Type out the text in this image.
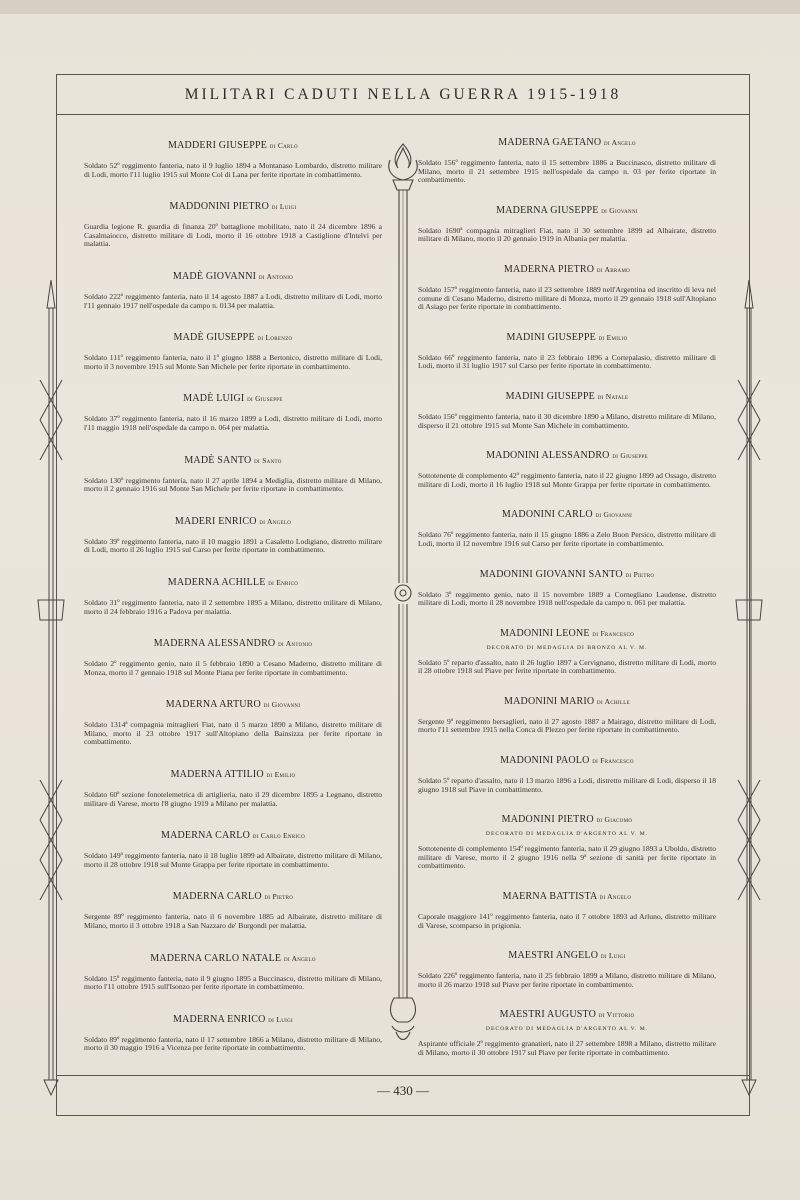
MILITARI CADUTI NELLA GUERRA 1915-1918
— 430 —
MADDERI GIUSEPPE di Carlo
Soldato 52º reggimento fanteria, nato il 9 luglio 1894 a Montanaso Lombardo, distretto militare di Lodi, morto l'11 luglio 1915 sul Monte Col di Lana per ferite riportate in combattimento.
MADDONINI PIETRO di Luigi
Guardia legione R. guardia di finanza 20º battaglione mobilitato, nato il 24 dicembre 1896 a Casalmaiocco, distretto militare di Lodi, morto il 16 ottobre 1918 a Castiglione d'Intelvi per malattia.
MADÈ GIOVANNI di Antonio
Soldato 222º reggimento fanteria, nato il 14 agosto 1887 a Lodi, distretto militare di Lodi, morto l'11 gennaio 1917 nell'ospedale da campo n. 0134 per malattia.
MADÈ GIUSEPPE di Lorenzo
Soldato 111º reggimento fanteria, nato il 1º giugno 1888 a Bertonico, distretto militare di Lodi, morto il 3 novembre 1915 sul Monte San Michele per ferite riportate in combattimento.
MADÈ LUIGI di Giuseppe
Soldato 37º reggimento fanteria, nato il 16 marzo 1899 a Lodi, distretto militare di Lodi, morto l'11 maggio 1918 nell'ospedale da campo n. 064 per malattia.
MADÈ SANTO di Santo
Soldato 130º reggimento fanteria, nato il 27 aprile 1894 a Mediglia, distretto militare di Milano, morto il 2 gennaio 1916 sul Monte San Michele per ferite riportate in combattimento.
MADERI ENRICO di Angelo
Soldato 39º reggimento fanteria, nato il 10 maggio 1891 a Casaletto Lodigiano, distretto militare di Lodi, morto il 26 luglio 1915 sul Carso per ferite riportate in combattimento.
MADERNA ACHILLE di Enrico
Soldato 31º reggimento fanteria, nato il 2 settembre 1895 a Milano, distretto militare di Milano, morto il 24 febbraio 1916 a Padova per malattia.
MADERNA ALESSANDRO di Antonio
Soldato 2º reggimento genio, nato il 5 febbraio 1890 a Cesano Maderno, distretto militare di Monza, morto il 7 gennaio 1918 sul Monte Piana per ferite riportate in combattimento.
MADERNA ARTURO di Giovanni
Soldato 1314ª compagnia mitraglieri Fiat, nato il 5 marzo 1890 a Milano, distretto militare di Milano, morto il 23 ottobre 1917 sull'Altopiano della Bainsizza per ferite riportate in combattimento.
MADERNA ATTILIO di Emilio
Soldato 60ª sezione fonotelemetrica di artiglieria, nato il 29 dicembre 1895 a Legnano, distretto militare di Varese, morto l'8 giugno 1919 a Milano per malattia.
MADERNA CARLO di Carlo Enrico
Soldato 149º reggimento fanteria, nato il 18 luglio 1899 ad Albairate, distretto militare di Milano, morto il 28 ottobre 1918 sul Monte Grappa per ferite riportate in combattimento.
MADERNA CARLO di Pietro
Sergente 89º reggimento fanteria, nato il 6 novembre 1885 ad Albairate, distretto militare di Milano, morto il 3 ottobre 1918 a San Nazzaro de' Burgondi per malattia.
MADERNA CARLO NATALE di Angelo
Soldato 15º reggimento fanteria, nato il 9 giugno 1895 a Buccinasco, distretto militare di Milano, morto l'11 ottobre 1915 sull'Isonzo per ferite riportate in combattimento.
MADERNA ENRICO di Luigi
Soldato 89º reggimento fanteria, nato il 17 settembre 1866 a Milano, distretto militare di Milano, morto il 30 maggio 1916 a Vicenza per ferite riportate in combattimento.
MADERNA GAETANO di Angelo
Soldato 156º reggimento fanteria, nato il 15 settembre 1886 a Buccinasco, distretto militare di Milano, morto il 21 settembre 1915 nell'ospedale da campo n. 03 per ferite riportate in combattimento.
MADERNA GIUSEPPE di Giovanni
Soldato 1690ª compagnia mitraglieri Fiat, nato il 30 settembre 1899 ad Albairate, distretto militare di Milano, morto il 20 gennaio 1919 in Albania per malattia.
MADERNA PIETRO di Abramo
Soldato 157º reggimento fanteria, nato il 23 settembre 1889 nell'Argentina ed inscritto di leva nel comune di Cesano Maderno, distretto militare di Monza, morto il 29 gennaio 1918 sull'Altopiano di Asiago per ferite riportate in combattimento.
MADINI GIUSEPPE di Emilio
Soldato 66º reggimento fanteria, nato il 23 febbraio 1896 a Cortepalasio, distretto militare di Lodi, morto il 31 luglio 1917 sul Carso per ferite riportate in combattimento.
MADINI GIUSEPPE di Natale
Soldato 156º reggimento fanteria, nato il 30 dicembre 1890 a Milano, distretto militare di Milano, disperso il 21 ottobre 1915 sul Monte San Michele in combattimento.
MADONINI ALESSANDRO di Giuseppe
Sottotenente di complemento 42º reggimento fanteria, nato il 22 giugno 1899 ad Ossago, distretto militare di Lodi, morto il 16 luglio 1918 sul Monte Grappa per ferite riportate in combattimento.
MADONINI CARLO di Giovanni
Soldato 76º reggimento fanteria, nato il 15 giugno 1886 a Zelo Buon Persico, distretto militare di Lodi, morto il 12 novembre 1916 sul Carso per ferite riportate in combattimento.
MADONINI GIOVANNI SANTO di Pietro
Soldato 3º reggimento genio, nato il 15 novembre 1889 a Cornegliano Laudense, distretto militare di Lodi, morto il 28 novembre 1918 nell'ospedale da campo n. 061 per malattia.
MADONINI LEONE di Francesco
DECORATO DI MEDAGLIA DI BRONZO AL V. M.
Soldato 5º reparto d'assalto, nato il 26 luglio 1897 a Cervignano, distretto militare di Lodi, morto il 28 ottobre 1918 sul Piave per ferite riportate in combattimento.
MADONINI MARIO di Achille
Sergente 9º reggimento bersaglieri, nato il 27 agosto 1887 a Mairago, distretto militare di Lodi, morto l'11 settembre 1915 nella Conca di Plezzo per ferite riportate in combattimento.
MADONINI PAOLO di Francesco
Soldato 5º reparto d'assalto, nato il 13 marzo 1896 a Lodi, distretto militare di Lodi, disperso il 18 giugno 1918 sul Piave in combattimento.
MADONINI PIETRO di Giacomo
DECORATO DI MEDAGLIA D'ARGENTO AL V. M.
Sottotenente di complemento 154º reggimento fanteria, nato il 29 giugno 1893 a Uboldo, distretto militare di Varese, morto il 2 giugno 1916 nella 9ª sezione di sanità per ferite riportate in combattimento.
MAERNA BATTISTA di Angelo
Caporale maggiore 141º reggimento fanteria, nato il 7 ottobre 1893 ad Arluno, distretto militare di Varese, scomparso in prigionia.
MAESTRI ANGELO di Luigi
Soldato 226º reggimento fanteria, nato il 25 febbraio 1899 a Milano, distretto militare di Milano, morto il 26 marzo 1918 sul Piave per ferite riportate in combattimento.
MAESTRI AUGUSTO di Vittorio
DECORATO DI MEDAGLIA D'ARGENTO AL V. M.
Aspirante ufficiale 2º reggimento granatieri, nato il 27 settembre 1898 a Milano, distretto militare di Milano, morto il 30 ottobre 1917 sul Piave per ferite riportate in combattimento.
